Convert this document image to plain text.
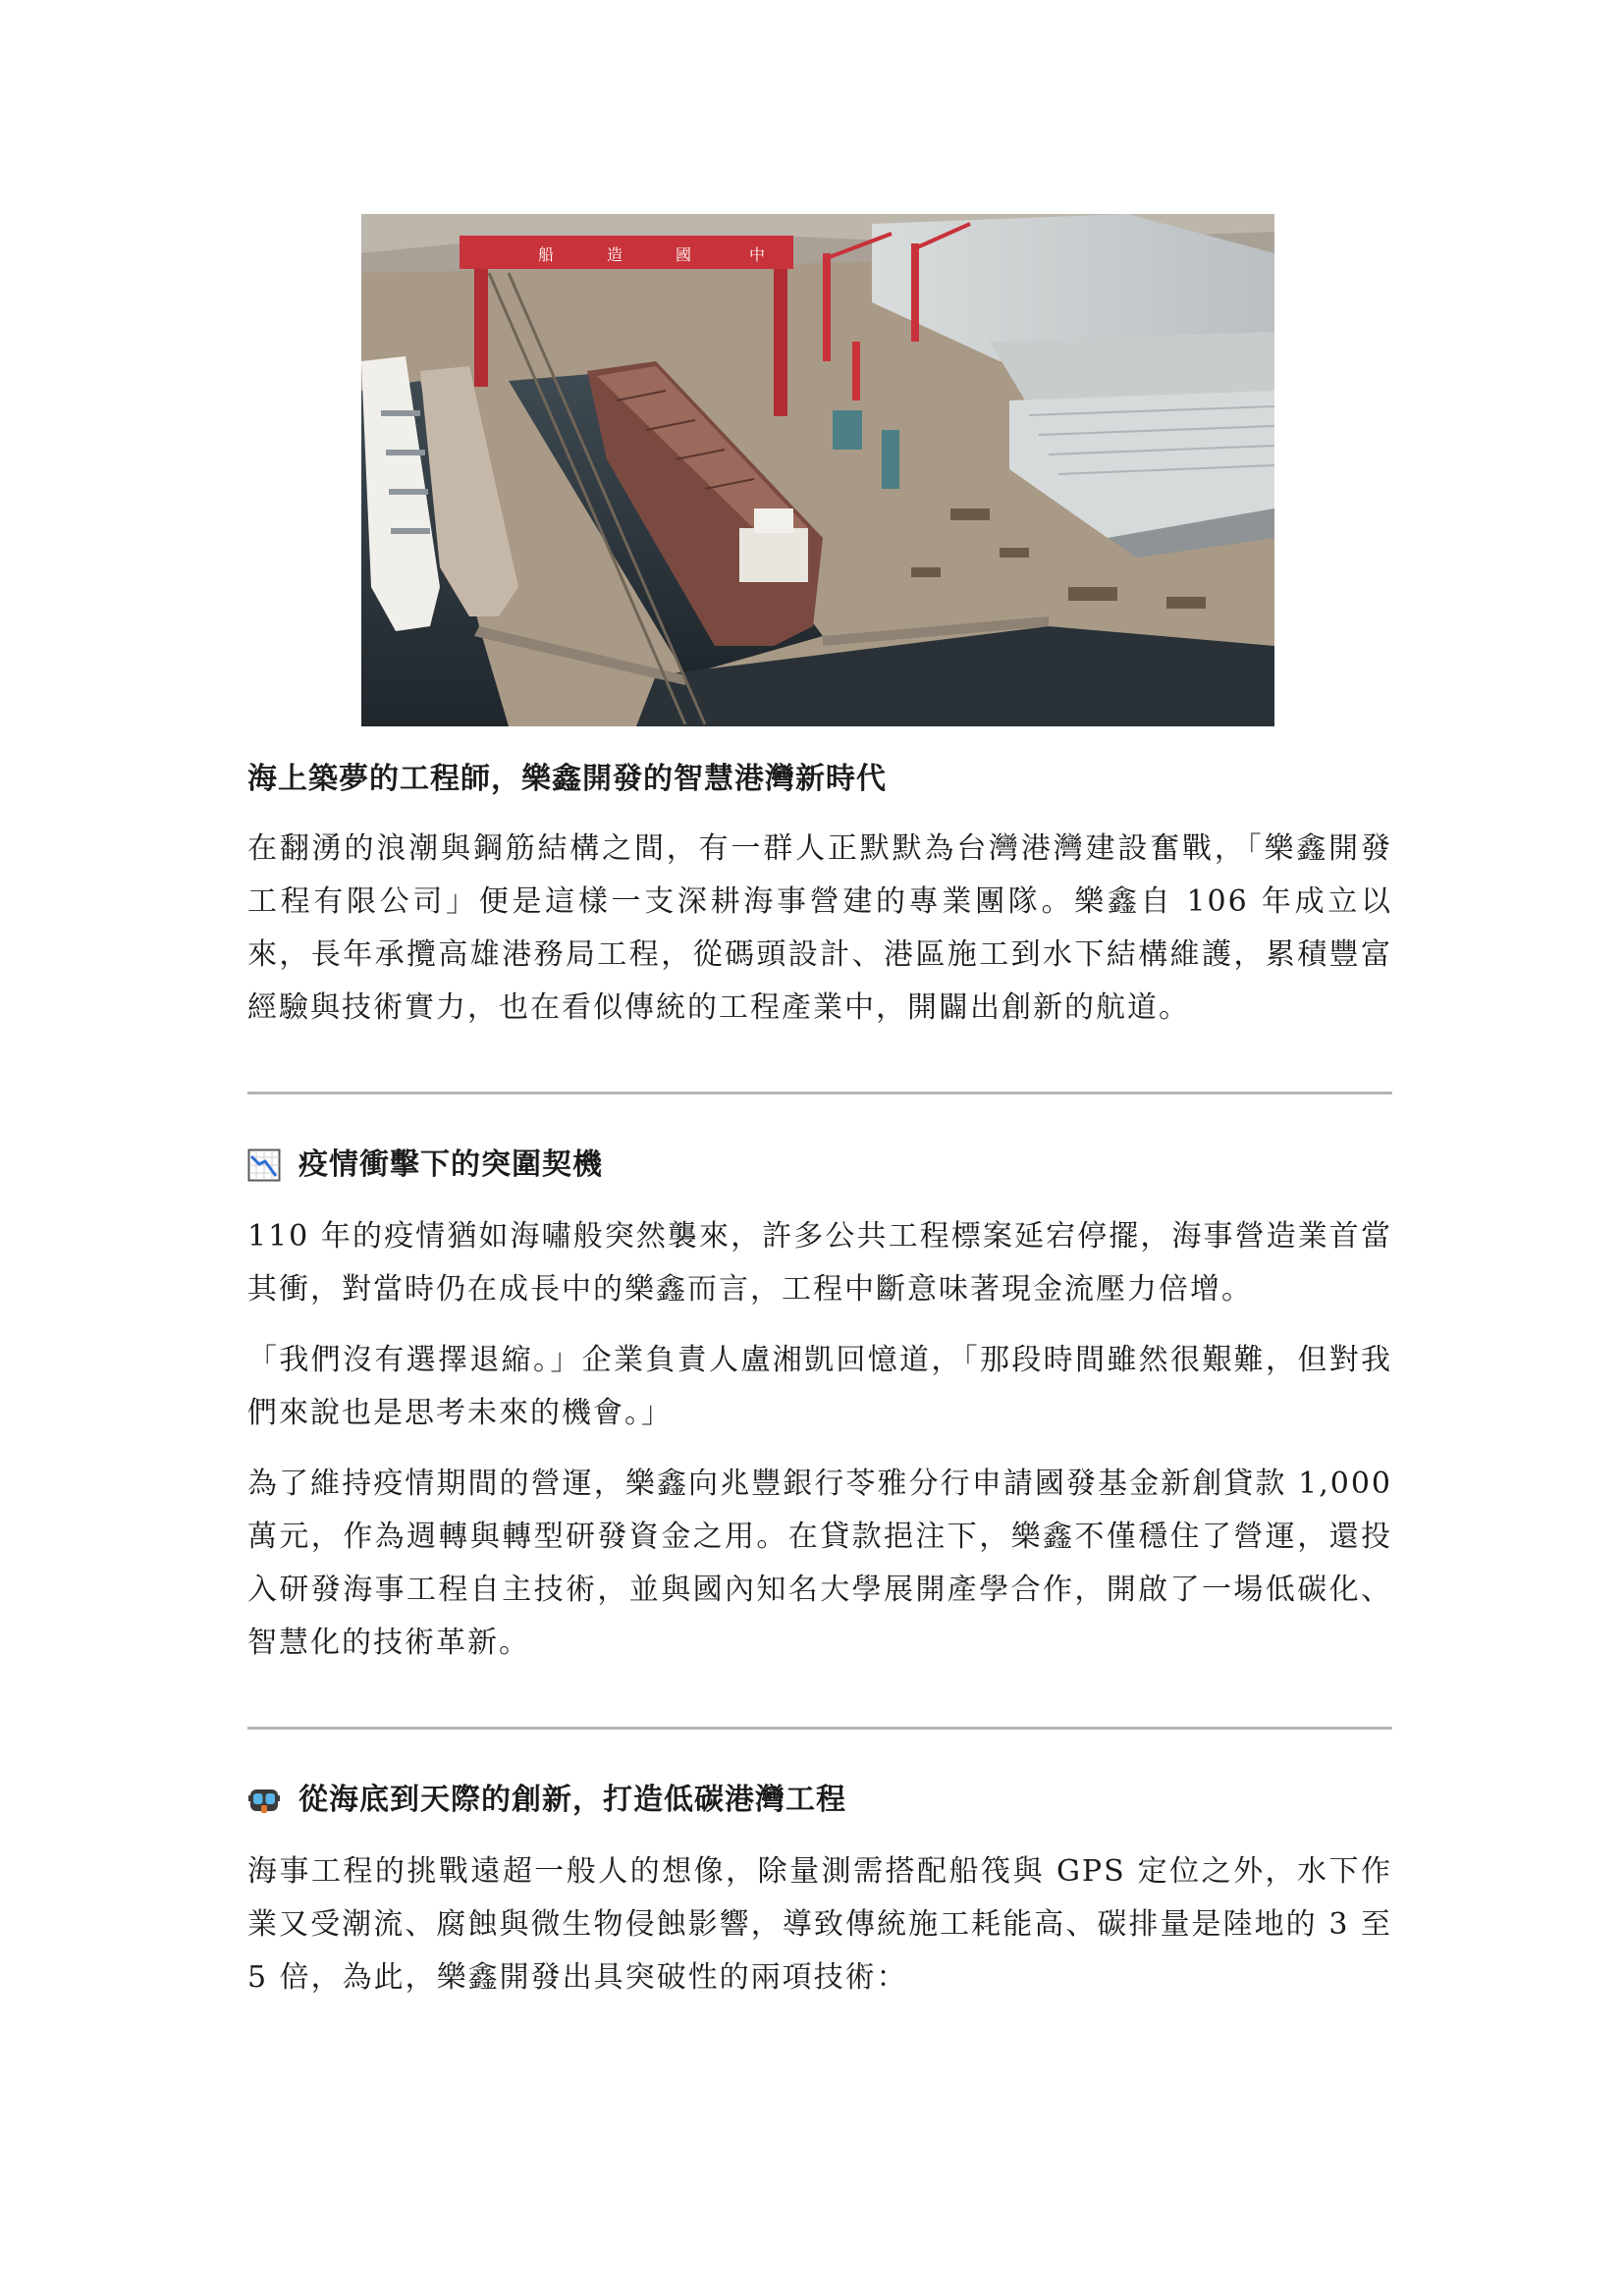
船	造	國	中
海上築夢的工程師，樂鑫開發的智慧港灣新時代

在翻湧的浪潮與鋼筋結構之間，有一群人正默默為台灣港灣建設奮戰，「樂鑫開發工程有限公司」便是這樣一支深耕海事營建的專業團隊。樂鑫自 106 年成立以來，長年承攬高雄港務局工程，從碼頭設計、港區施工到水下結構維護，累積豐富經驗與技術實力，也在看似傳統的工程產業中，開闢出創新的航道。

疫情衝擊下的突圍契機

110 年的疫情猶如海嘯般突然襲來，許多公共工程標案延宕停擺，海事營造業首當其衝，對當時仍在成長中的樂鑫而言，工程中斷意味著現金流壓力倍增。

「我們沒有選擇退縮。」企業負責人盧湘凱回憶道，「那段時間雖然很艱難，但對我們來說也是思考未來的機會。」

為了維持疫情期間的營運，樂鑫向兆豐銀行苓雅分行申請國發基金新創貸款 1,000 萬元，作為週轉與轉型研發資金之用。在貸款挹注下，樂鑫不僅穩住了營運，還投入研發海事工程自主技術，並與國內知名大學展開產學合作，開啟了一場低碳化、智慧化的技術革新。

從海底到天際的創新，打造低碳港灣工程

海事工程的挑戰遠超一般人的想像，除量測需搭配船筏與 GPS 定位之外，水下作業又受潮流、腐蝕與微生物侵蝕影響，導致傳統施工耗能高、碳排量是陸地的 3 至 5 倍，為此，樂鑫開發出具突破性的兩項技術：
